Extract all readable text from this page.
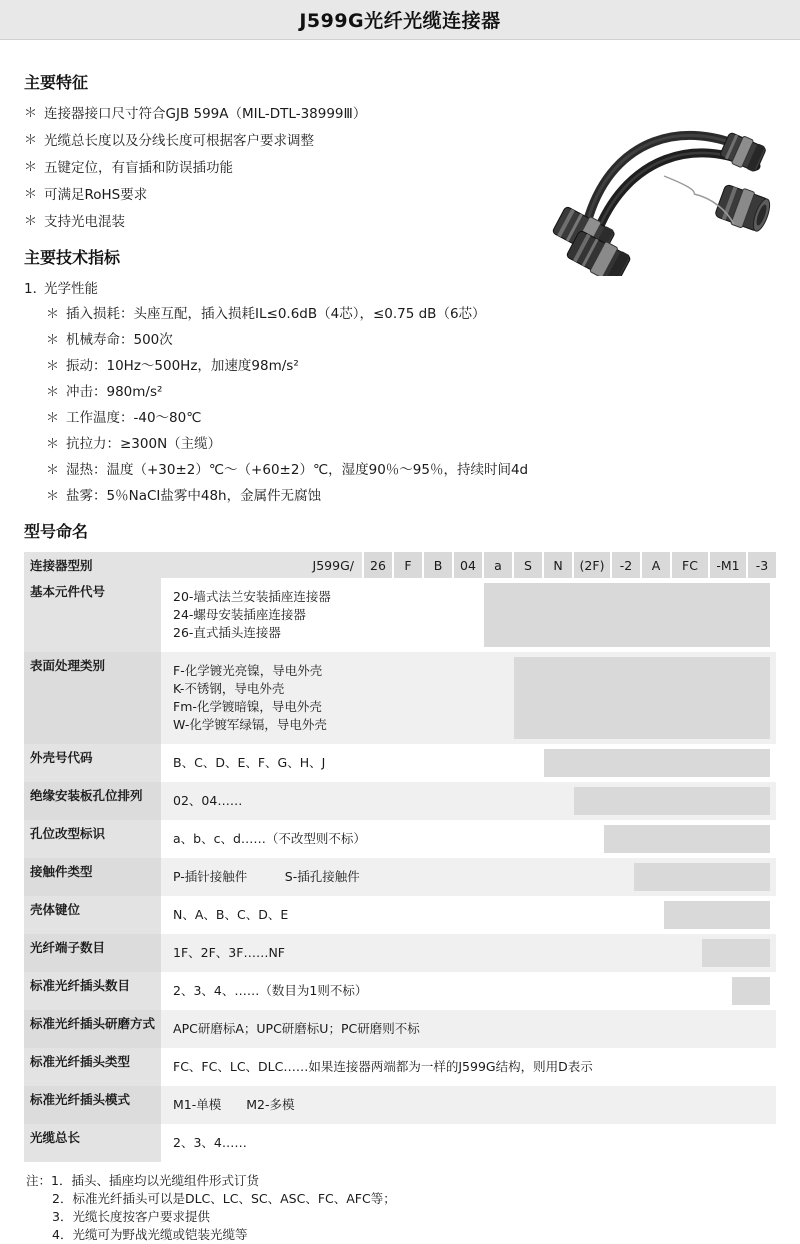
J599G光纤光缆连接器
主要特征
＊ 连接器接口尺寸符合GJB 599A（MIL-DTL-38999Ⅲ）
＊ 光缆总长度以及分线长度可根据客户要求调整
＊ 五键定位，有盲插和防误插功能
＊ 可满足RoHS要求
＊ 支持光电混装
主要技术指标
1．
光学性能
＊ 插入损耗：头座互配，插入损耗IL≤0.6dB（4芯），≤0.75 dB（6芯）
＊ 机械寿命：500次
＊ 振动：10Hz～500Hz，加速度98m/s²
＊ 冲击：980m/s²
＊ 工作温度：-40～80℃
＊ 抗拉力：≥300N（主缆）
＊ 湿热：温度（+30±2）℃～（+60±2）℃，湿度90％～95％，持续时间4d
＊ 盐雾：5％NaCI盐雾中48h，金属件无腐蚀
型号命名
连接器型别	J599G/	26	F	B	04	a	S	N	(2F)	-2	A	FC	-M1	-3

基本元件代号	20-墙式法兰安装插座连接器
24-螺母安装插座连接器
26-直式插头连接器

表面处理类别	F-化学镀光亮镍，导电外壳
K-不锈钢，导电外壳
Fm-化学镀暗镍，导电外壳
W-化学镀军绿镉，导电外壳

外壳号代码	B、C、D、E、F、G、H、J

绝缘安装板孔位排列	02、04……

孔位改型标识	a、b、c、d……（不改型则不标）

接触件类型	P-插针接触件　　　S-插孔接触件

壳体键位	N、A、B、C、D、E

光纤端子数目	1F、2F、3F……NF

标准光纤插头数目	2、3、4、……（数目为1则不标）

标准光纤插头研磨方式	APC研磨标A；UPC研磨标U；PC研磨则不标

标准光纤插头类型	FC、FC、LC、DLC……如果连接器两端都为一样的J599G结构，则用D表示

标准光纤插头模式	M1-单模　　M2-多模

光缆总长	2、3、4……
注：1．插头、插座均以光缆组件形式订货
2．标准光纤插头可以是DLC、LC、SC、ASC、FC、AFC等；
3．光缆长度按客户要求提供
4．光缆可为野战光缆或铠装光缆等
